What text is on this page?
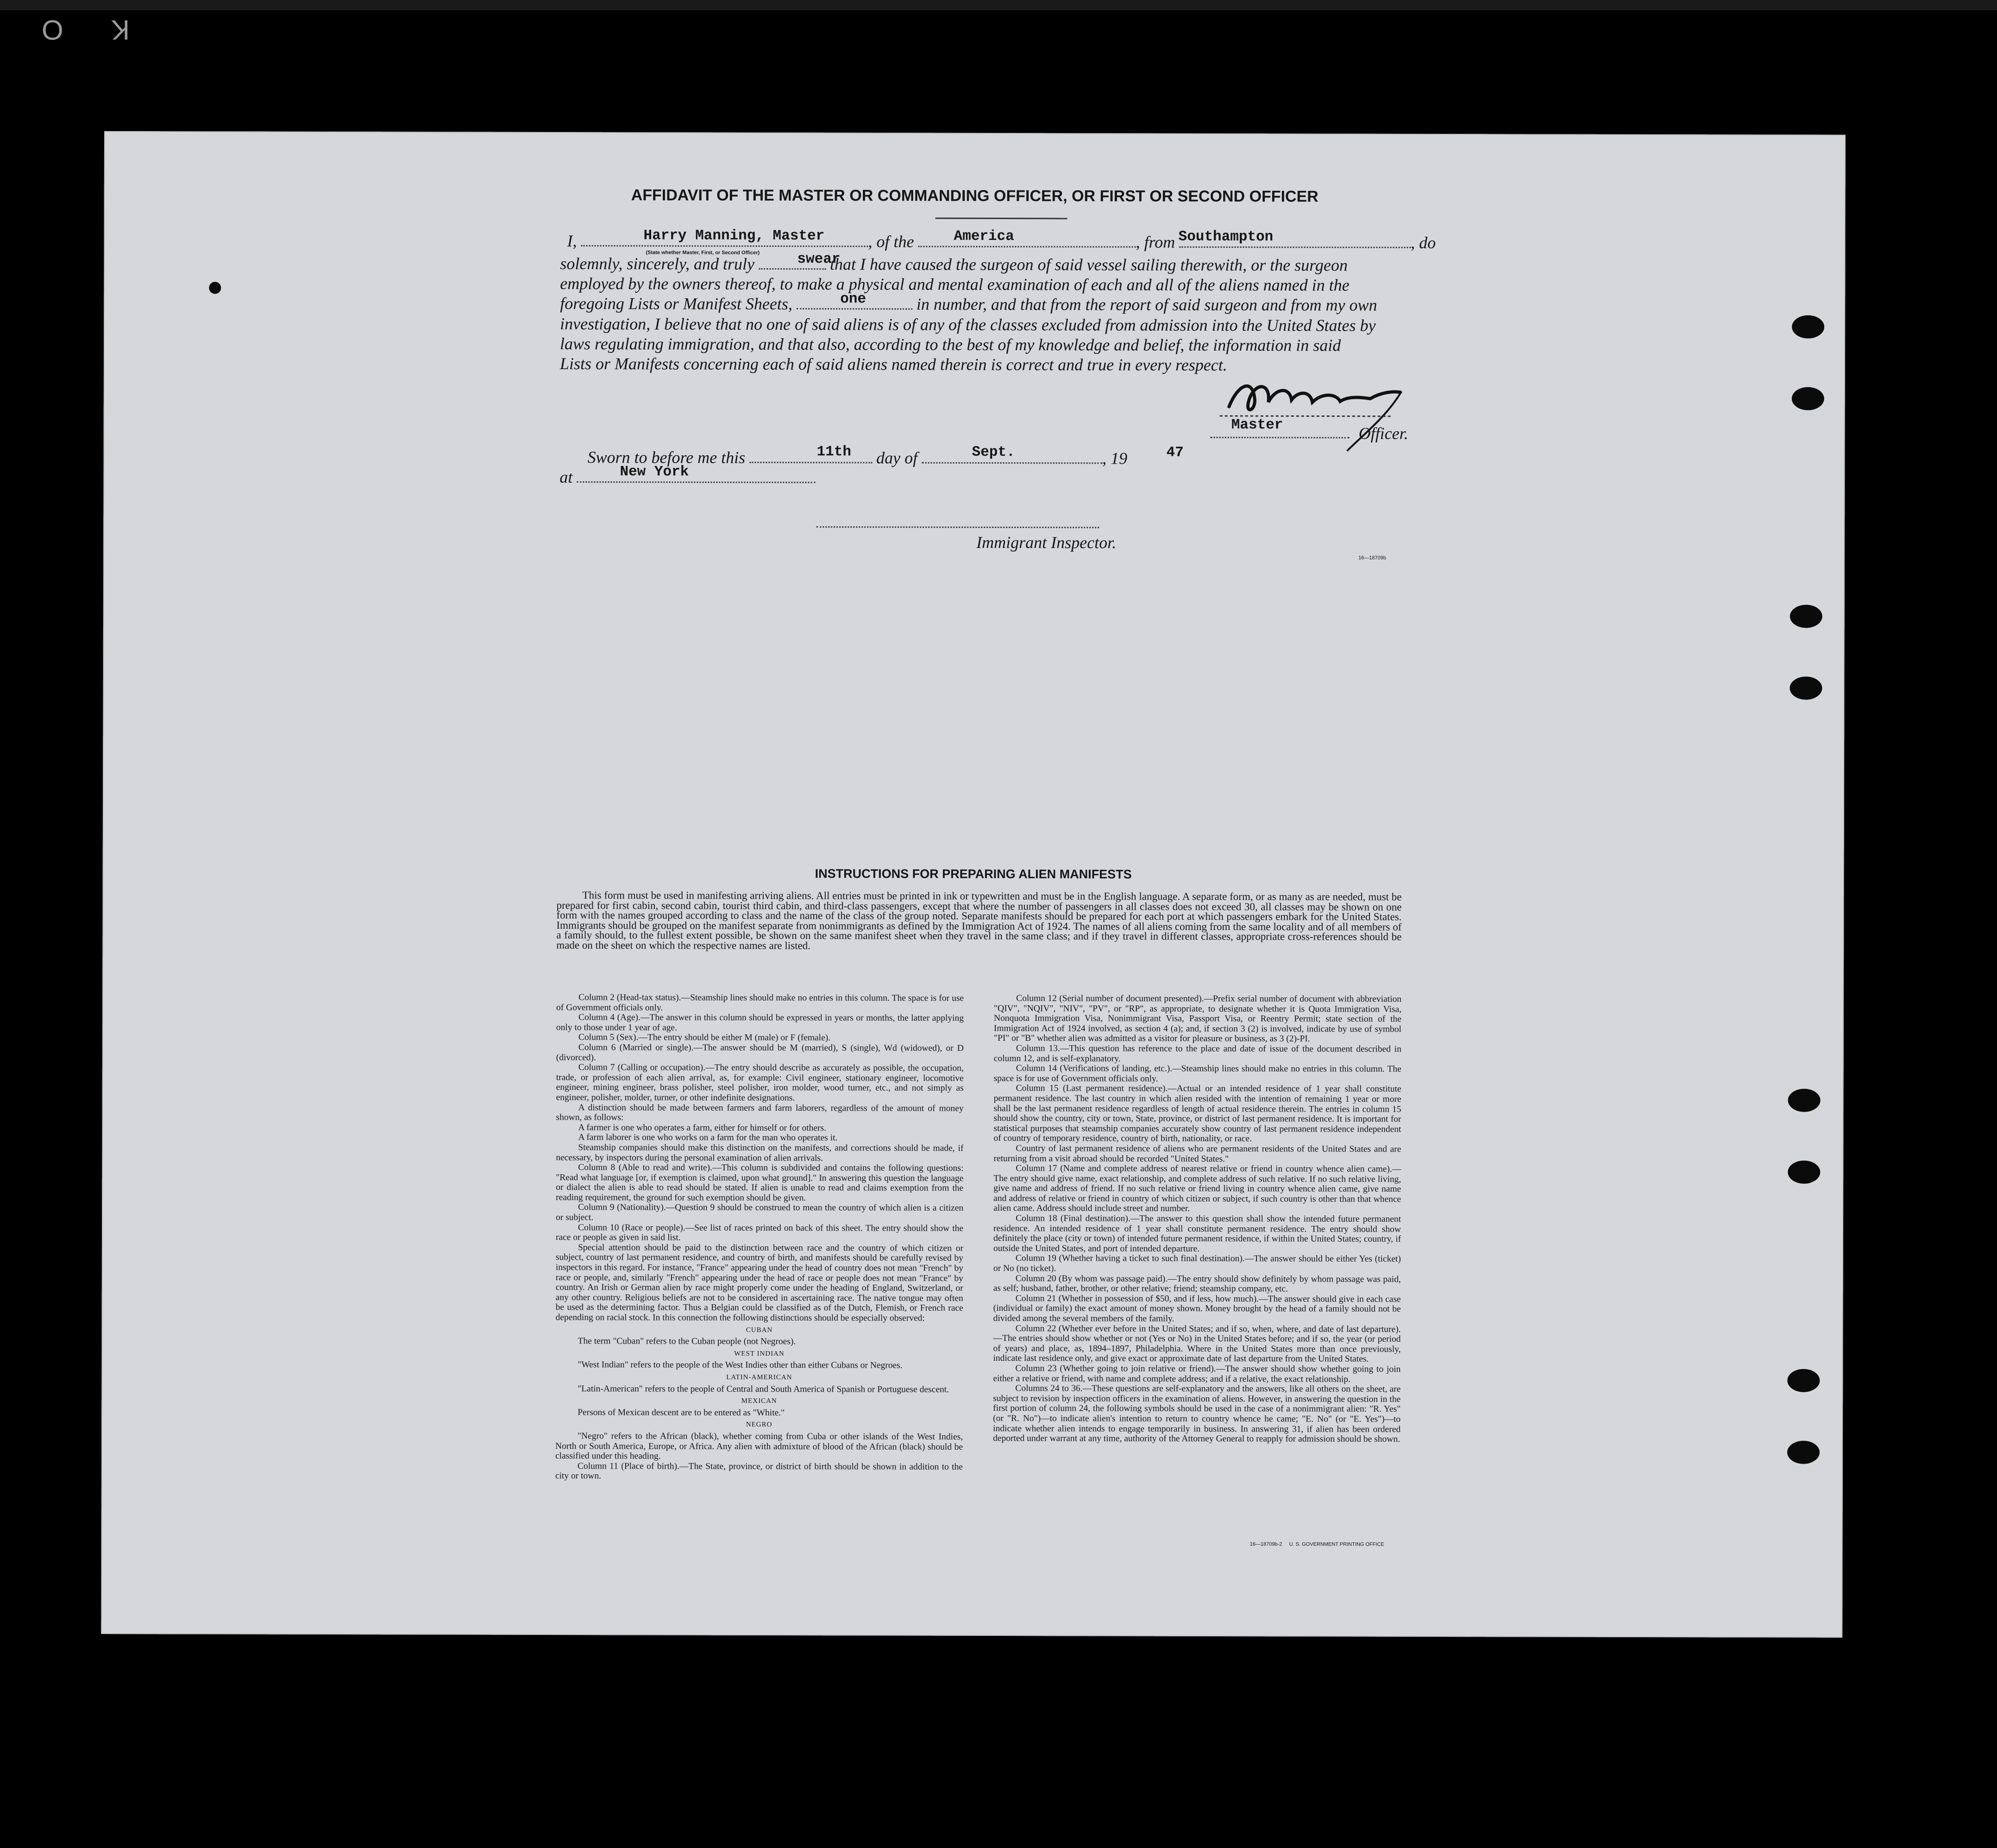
O K
AFFIDAVIT OF THE MASTER OR COMMANDING OFFICER, OR FIRST OR SECOND OFFICER
I,	, of the	, from	, do
Harry Manning, Master	America	Southampton
(State whether Master, First, or Second Officer)
solemnly, sincerely, and truly	that I have caused the surgeon of said vessel sailing therewith, or the surgeon
swear
employed by the owners thereof, to make a physical and mental examination of each and all of the aliens named in the
foregoing Lists or Manifest Sheets,	in number, and that from the report of said surgeon and from my own
one
investigation, I believe that no one of said aliens is of any of the classes excluded from admission into the United States by
laws regulating immigration, and that also, according to the best of my knowledge and belief, the information in said
Lists or Manifests concerning each of said aliens named therein is correct and true in every respect.
Master	Officer.
Sworn to before me this	day of	, 19
11th	Sept.	47
at	New York
Immigrant Inspector.
16—18709b
INSTRUCTIONS FOR PREPARING ALIEN MANIFESTS

This form must be used in manifesting arriving aliens. All entries must be printed in ink or typewritten and must be in the English language. A separate form, or as many as are needed, must be prepared for first cabin, second cabin, tourist third cabin, and third-class passengers, except that where the number of passengers in all classes does not exceed 30, all classes may be shown on one form with the names grouped according to class and the name of the class of the group noted. Separate manifests should be prepared for each port at which passengers embark for the United States. Immigrants should be grouped on the manifest separate from nonimmigrants as defined by the Immigration Act of 1924. The names of all aliens coming from the same locality and of all members of a family should, to the fullest extent possible, be shown on the same manifest sheet when they travel in the same class; and if they travel in different classes, appropriate cross-references should be made on the sheet on which the respective names are listed.

Column 2 (Head-tax status).—Steamship lines should make no entries in this column. The space is for use of Government officials only.

Column 4 (Age).—The answer in this column should be expressed in years or months, the latter applying only to those under 1 year of age.

Column 5 (Sex).—The entry should be either M (male) or F (female).

Column 6 (Married or single).—The answer should be M (married), S (single), Wd (widowed), or D (divorced).

Column 7 (Calling or occupation).—The entry should describe as accurately as possible, the occupation, trade, or profession of each alien arrival, as, for example: Civil engineer, stationary engineer, locomotive engineer, mining engineer, brass polisher, steel polisher, iron molder, wood turner, etc., and not simply as engineer, polisher, molder, turner, or other indefinite designations.

A distinction should be made between farmers and farm laborers, regardless of the amount of money shown, as follows:

A farmer is one who operates a farm, either for himself or for others.

A farm laborer is one who works on a farm for the man who operates it.

Steamship companies should make this distinction on the manifests, and corrections should be made, if necessary, by inspectors during the personal examination of alien arrivals.

Column 8 (Able to read and write).—This column is subdivided and contains the following questions: "Read what language [or, if exemption is claimed, upon what ground]." In answering this question the language or dialect the alien is able to read should be stated. If alien is unable to read and claims exemption from the reading requirement, the ground for such exemption should be given.

Column 9 (Nationality).—Question 9 should be construed to mean the country of which alien is a citizen or subject.

Column 10 (Race or people).—See list of races printed on back of this sheet. The entry should show the race or people as given in said list.

Special attention should be paid to the distinction between race and the country of which citizen or subject, country of last permanent residence, and country of birth, and manifests should be carefully revised by inspectors in this regard. For instance, "France" appearing under the head of country does not mean "French" by race or people, and, similarly "French" appearing under the head of race or people does not mean "France" by country. An Irish or German alien by race might properly come under the heading of England, Switzerland, or any other country. Religious beliefs are not to be considered in ascertaining race. The native tongue may often be used as the determining factor. Thus a Belgian could be classified as of the Dutch, Flemish, or French race depending on racial stock. In this connection the following distinctions should be especially observed:

CUBAN

The term "Cuban" refers to the Cuban people (not Negroes).

WEST INDIAN

"West Indian" refers to the people of the West Indies other than either Cubans or Negroes.

LATIN-AMERICAN

"Latin-American" refers to the people of Central and South America of Spanish or Portuguese descent.

MEXICAN

Persons of Mexican descent are to be entered as "White."

NEGRO

"Negro" refers to the African (black), whether coming from Cuba or other islands of the West Indies, North or South America, Europe, or Africa. Any alien with admixture of blood of the African (black) should be classified under this heading.

Column 11 (Place of birth).—The State, province, or district of birth should be shown in addition to the city or town.

Column 12 (Serial number of document presented).—Prefix serial number of document with abbreviation "QIV", "NQIV", "NIV", "PV", or "RP", as appropriate, to designate whether it is Quota Immigration Visa, Nonquota Immigration Visa, Nonimmigrant Visa, Passport Visa, or Reentry Permit; state section of the Immigration Act of 1924 involved, as section 4 (a); and, if section 3 (2) is involved, indicate by use of symbol "PI" or "B" whether alien was admitted as a visitor for pleasure or business, as 3 (2)-PI.

Column 13.—This question has reference to the place and date of issue of the document described in column 12, and is self-explanatory.

Column 14 (Verifications of landing, etc.).—Steamship lines should make no entries in this column. The space is for use of Government officials only.

Column 15 (Last permanent residence).—Actual or an intended residence of 1 year shall constitute permanent residence. The last country in which alien resided with the intention of remaining 1 year or more shall be the last permanent residence regardless of length of actual residence therein. The entries in column 15 should show the country, city or town, State, province, or district of last permanent residence. It is important for statistical purposes that steamship companies accurately show country of last permanent residence independent of country of temporary residence, country of birth, nationality, or race.

Country of last permanent residence of aliens who are permanent residents of the United States and are returning from a visit abroad should be recorded "United States."

Column 17 (Name and complete address of nearest relative or friend in country whence alien came).—The entry should give name, exact relationship, and complete address of such relative. If no such relative living, give name and address of friend. If no such relative or friend living in country whence alien came, give name and address of relative or friend in country of which citizen or subject, if such country is other than that whence alien came. Address should include street and number.

Column 18 (Final destination).—The answer to this question shall show the intended future permanent residence. An intended residence of 1 year shall constitute permanent residence. The entry should show definitely the place (city or town) of intended future permanent residence, if within the United States; country, if outside the United States, and port of intended departure.

Column 19 (Whether having a ticket to such final destination).—The answer should be either Yes (ticket) or No (no ticket).

Column 20 (By whom was passage paid).—The entry should show definitely by whom passage was paid, as self; husband, father, brother, or other relative; friend; steamship company, etc.

Column 21 (Whether in possession of $50, and if less, how much).—The answer should give in each case (individual or family) the exact amount of money shown. Money brought by the head of a family should not be divided among the several members of the family.

Column 22 (Whether ever before in the United States; and if so, when, where, and date of last departure).—The entries should show whether or not (Yes or No) in the United States before; and if so, the year (or period of years) and place, as, 1894–1897, Philadelphia. Where in the United States more than once previously, indicate last residence only, and give exact or approximate date of last departure from the United States.

Column 23 (Whether going to join relative or friend).—The answer should show whether going to join either a relative or friend, with name and complete address; and if a relative, the exact relationship.

Columns 24 to 36.—These questions are self-explanatory and the answers, like all others on the sheet, are subject to revision by inspection officers in the examination of aliens. However, in answering the question in the first portion of column 24, the following symbols should be used in the case of a nonimmigrant alien: "R. Yes" (or "R. No")—to indicate alien's intention to return to country whence he came; "E. No" (or "E. Yes")—to indicate whether alien intends to engage temporarily in business. In answering 31, if alien has been ordered deported under warrant at any time, authority of the Attorney General to reapply for admission should be shown.

16—18709b-2     U. S. GOVERNMENT PRINTING OFFICE
